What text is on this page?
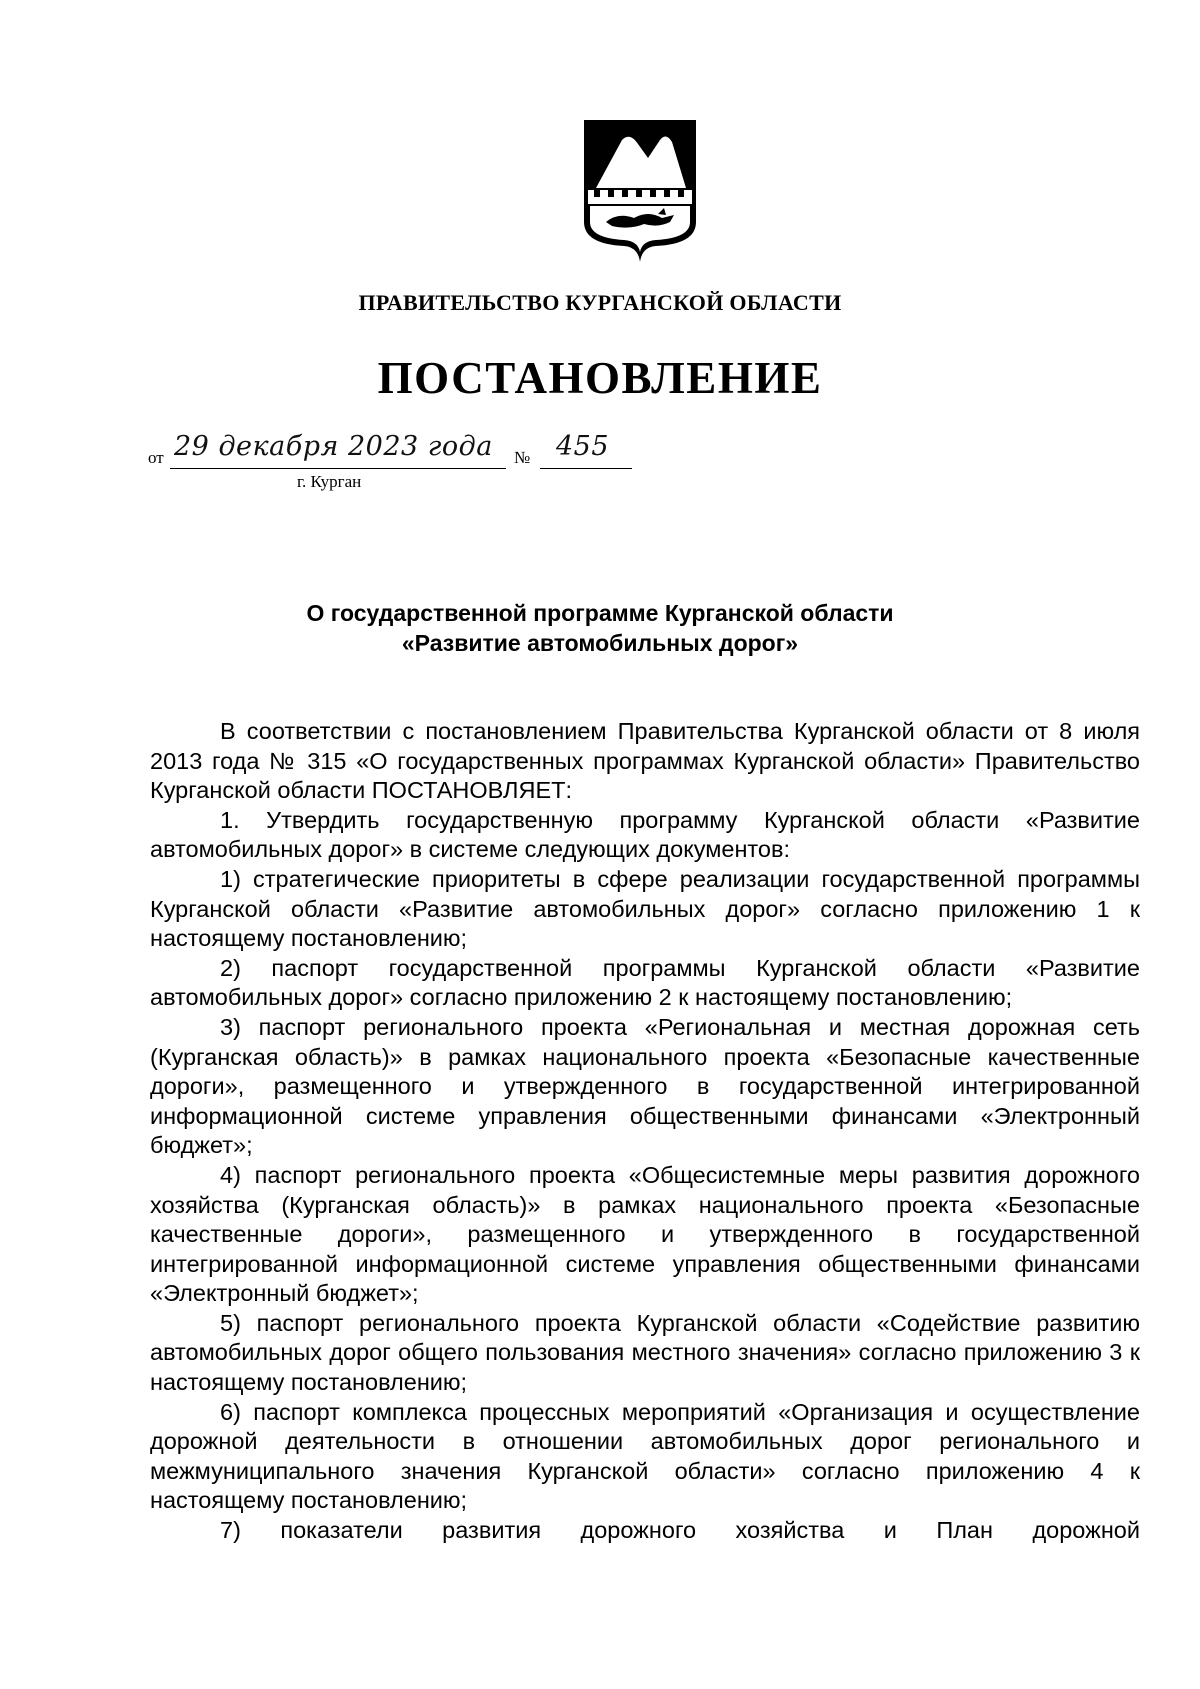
ПРАВИТЕЛЬСТВО КУРГАНСКОЙ ОБЛАСТИ
ПОСТАНОВЛЕНИЕ
от 29 декабря 2023 года № 455
г. Курган
О государственной программе Курганской области
«Развитие автомобильных дорог»

В соответствии с постановлением Правительства Курганской области от 8 июля 2013 года № 315 «О государственных программах Курганской области» Правительство Курганской области ПОСТАНОВЛЯЕТ:

1. Утвердить государственную программу Курганской области «Развитие автомобильных дорог» в системе следующих документов:

1) стратегические приоритеты в сфере реализации государственной программы Курганской области «Развитие автомобильных дорог» согласно приложению 1 к настоящему постановлению;

2) паспорт государственной программы Курганской области «Развитие автомобильных дорог» согласно приложению 2 к настоящему постановлению;

3) паспорт регионального проекта «Региональная и местная дорожная сеть (Курганская область)» в рамках национального проекта «Безопасные качественные дороги», размещенного и утвержденного в государственной интегрированной информационной системе управления общественными финансами «Электронный бюджет»;

4) паспорт регионального проекта «Общесистемные меры развития дорожного хозяйства (Курганская область)» в рамках национального проекта «Безопасные качественные дороги», размещенного и утвержденного в государственной интегрированной информационной системе управления общественными финансами «Электронный бюджет»;

5) паспорт регионального проекта Курганской области «Содействие развитию автомобильных дорог общего пользования местного значения» согласно приложению 3 к настоящему постановлению;

6) паспорт комплекса процессных мероприятий «Организация и осуществление дорожной деятельности в отношении автомобильных дорог регионального и межмуниципального значения Курганской области» согласно приложению 4 к настоящему постановлению;

7) показатели развития дорожного хозяйства и План дорожной
